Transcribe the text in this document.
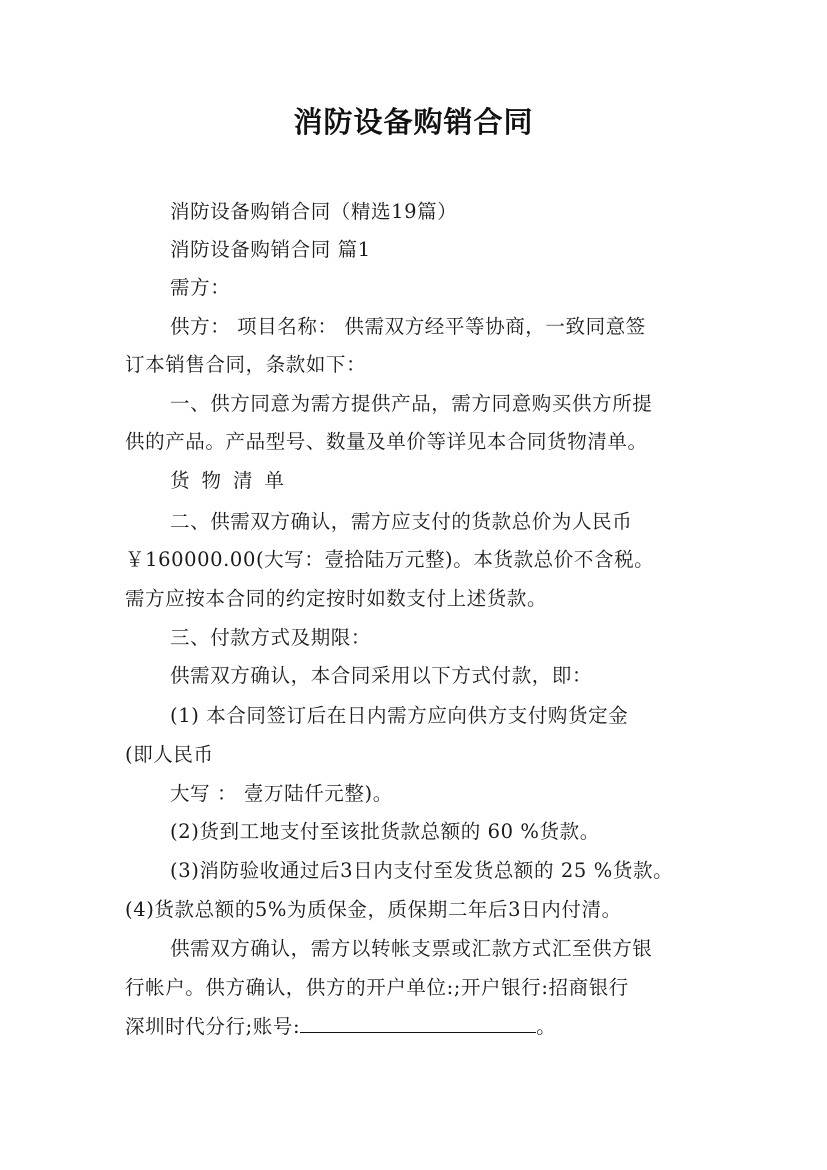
消防设备购销合同
消防设备购销合同（精选19篇）
消防设备购销合同 篇1
需方：
供方： 项目名称： 供需双方经平等协商，一致同意签
订本销售合同，条款如下：
一、供方同意为需方提供产品，需方同意购买供方所提
供的产品。产品型号、数量及单价等详见本合同货物清单。
货物清单
二、供需双方确认，需方应支付的货款总价为人民币
￥160000.00(大写：壹拾陆万元整)。本货款总价不含税。
需方应按本合同的约定按时如数支付上述货款。
三、付款方式及期限：
供需双方确认，本合同采用以下方式付款，即：
(1) 本合同签订后在日内需方应向供方支付购货定金
(即人民币
大写 ： 壹万陆仟元整)。
(2)货到工地支付至该批货款总额的 60 %货款。
(3)消防验收通过后3日内支付至发货总额的 25 %货款。
(4)货款总额的5%为质保金，质保期二年后3日内付清。
供需双方确认，需方以转帐支票或汇款方式汇至供方银
行帐户。供方确认，供方的开户单位:;开户银行:招商银行
深圳时代分行;账号:	。
